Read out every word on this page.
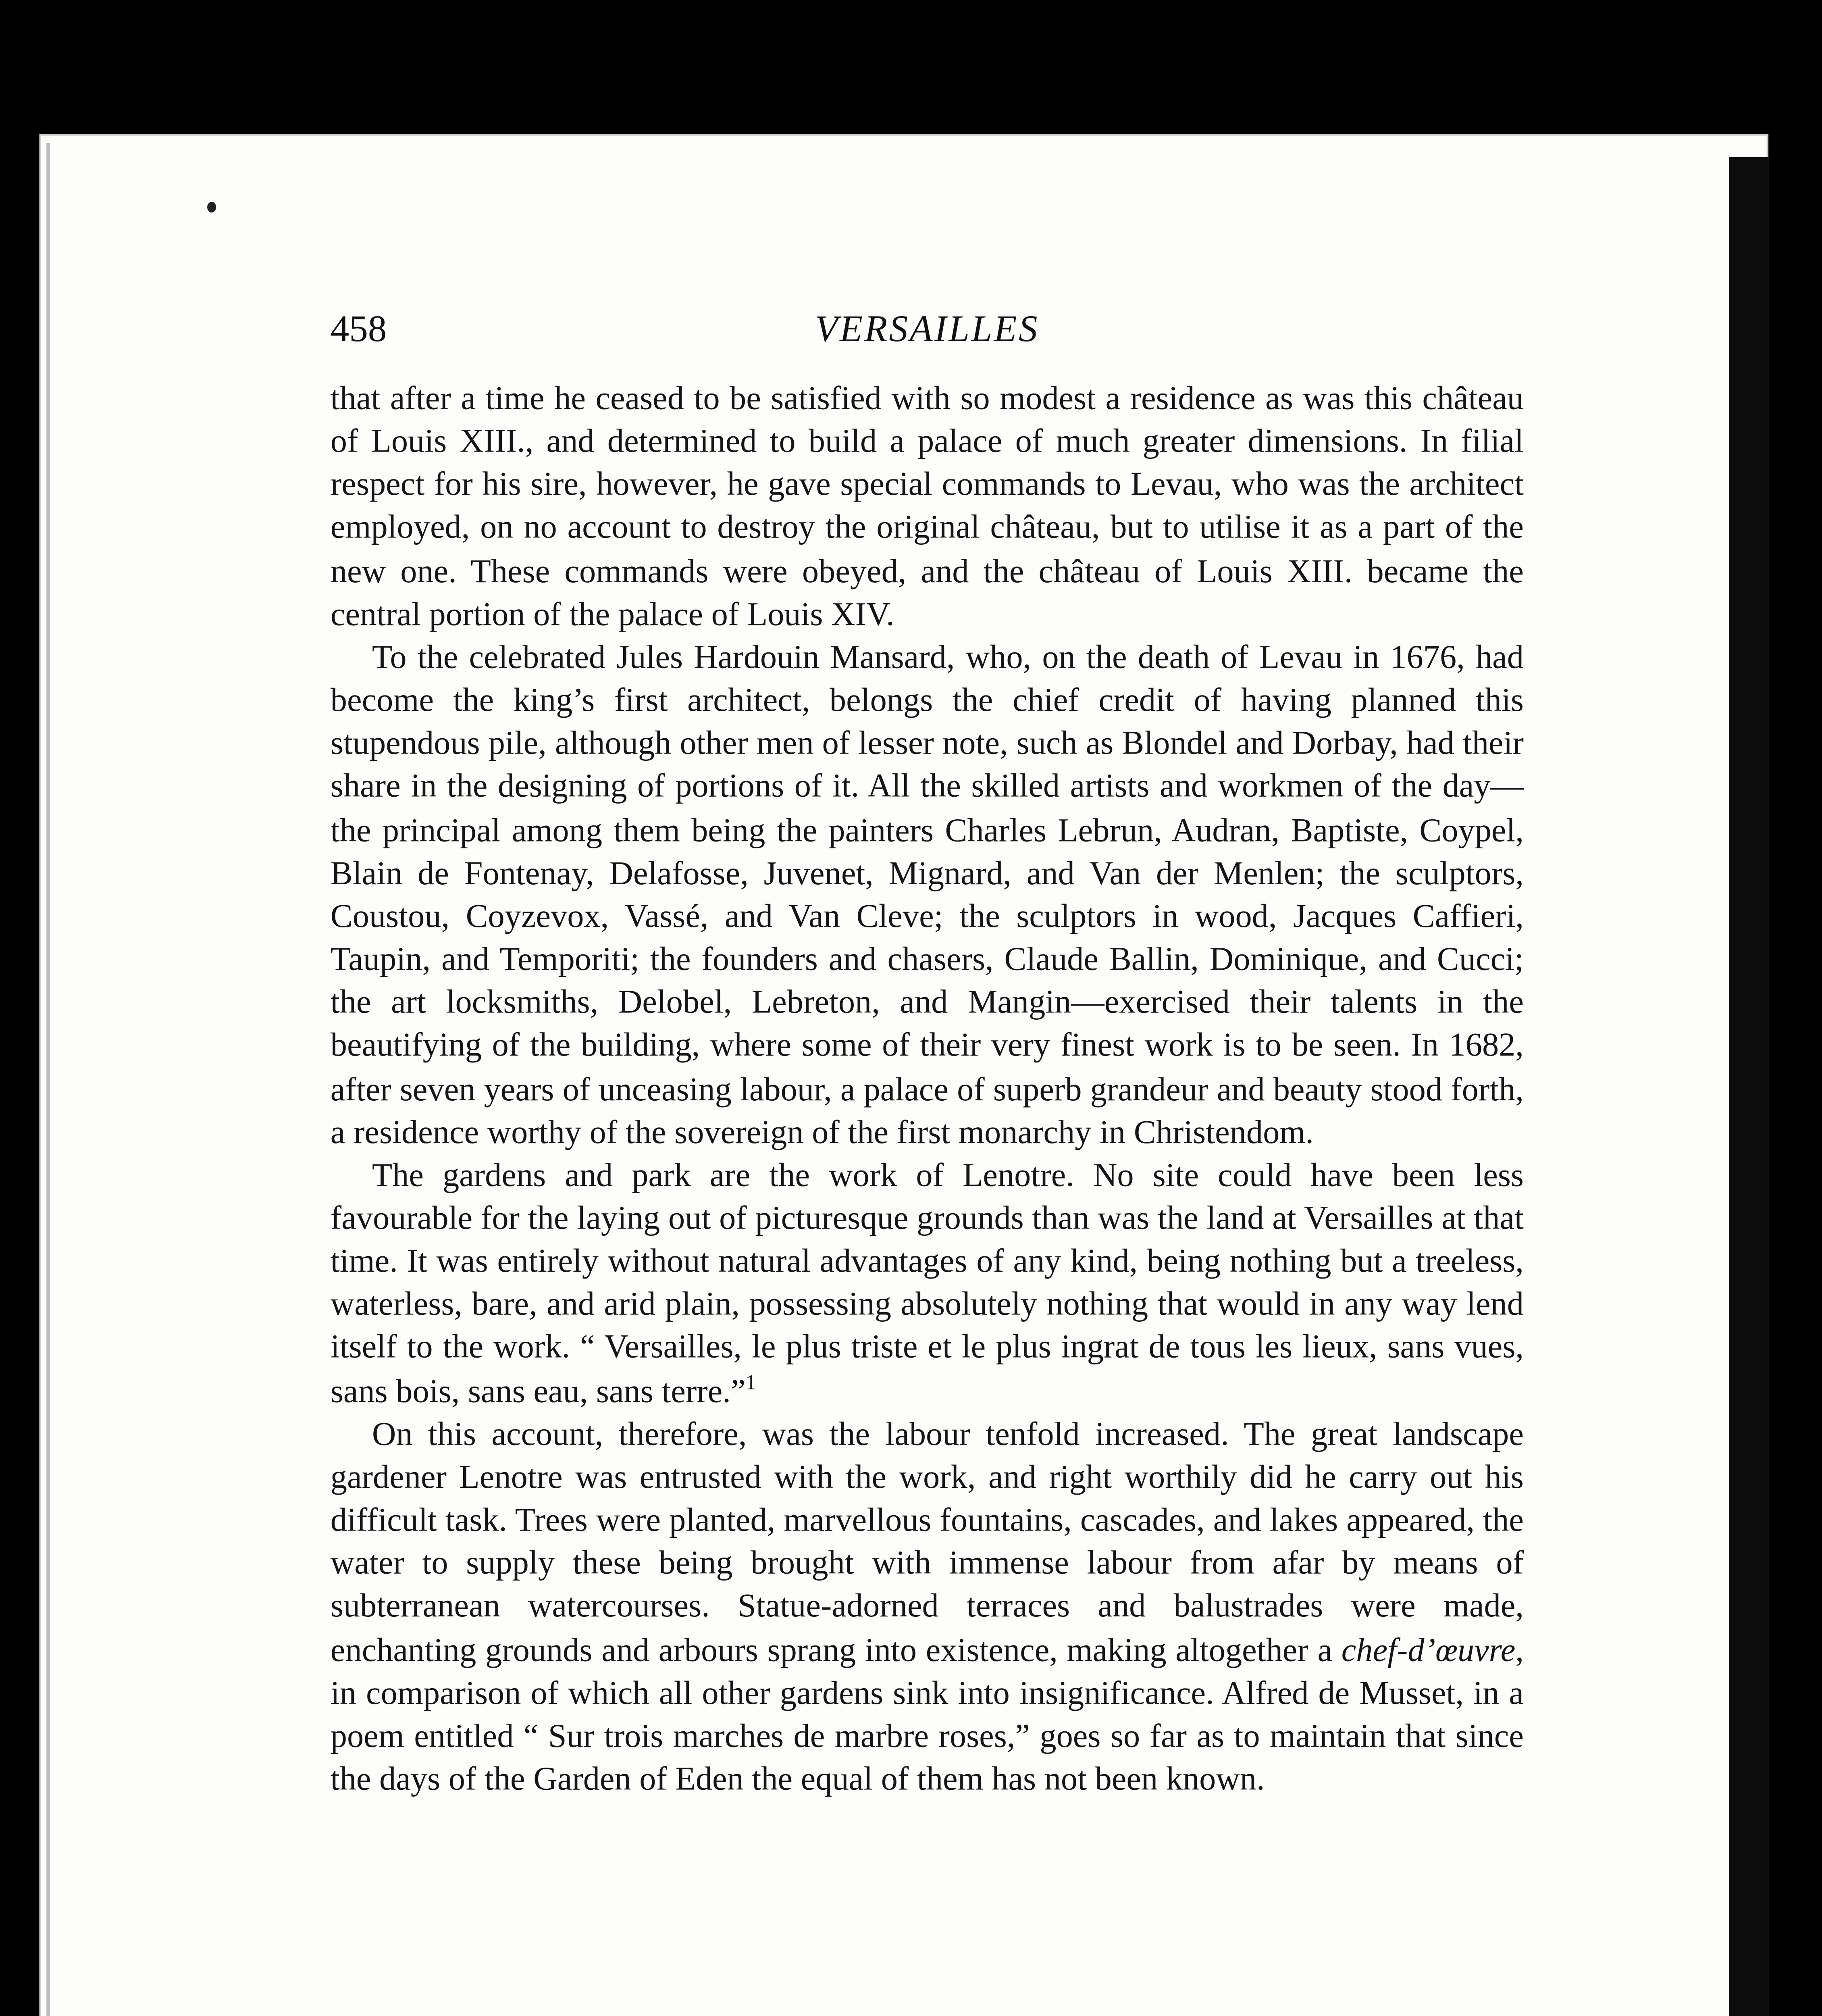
458	VERSAILLES

that after a time he ceased to be satisfied with so modest a residence as was this château of Louis XIII., and determined to build a palace of much greater dimensions. In filial respect for his sire, however, he gave special commands to Levau, who was the architect employed, on no account to destroy the original château, but to utilise it as a part of the new one. These commands were obeyed, and the château of Louis XIII. became the central portion of the palace of Louis XIV.

To the celebrated Jules Hardouin Mansard, who, on the death of Levau in 1676, had become the king’s first architect, belongs the chief credit of having planned this stupendous pile, although other men of lesser note, such as Blondel and Dorbay, had their share in the designing of portions of it. All the skilled artists and workmen of the day—the principal among them being the painters Charles Lebrun, Audran, Baptiste, Coypel, Blain de Fontenay, Delafosse, Juvenet, Mignard, and Van der Menlen; the sculptors, Coustou, Coyzevox, Vassé, and Van Cleve; the sculptors in wood, Jacques Caffieri, Taupin, and Temporiti; the founders and chasers, Claude Ballin, Dominique, and Cucci; the art locksmiths, Delobel, Lebreton, and Mangin—exercised their talents in the beautifying of the building, where some of their very finest work is to be seen. In 1682, after seven years of unceasing labour, a palace of superb grandeur and beauty stood forth, a residence worthy of the sovereign of the first monarchy in Christendom.

The gardens and park are the work of Lenotre. No site could have been less favourable for the laying out of picturesque grounds than was the land at Versailles at that time. It was entirely without natural advantages of any kind, being nothing but a treeless, waterless, bare, and arid plain, possessing absolutely nothing that would in any way lend itself to the work. “ Versailles, le plus triste et le plus ingrat de tous les lieux, sans vues, sans bois, sans eau, sans terre.”$^1$

On this account, therefore, was the labour tenfold increased. The great landscape gardener Lenotre was entrusted with the work, and right worthily did he carry out his difficult task. Trees were planted, marvellous fountains, cascades, and lakes appeared, the water to supply these being brought with immense labour from afar by means of subterranean watercourses. Statue-adorned terraces and balustrades were made, enchanting grounds and arbours sprang into existence, making altogether a chef-d’œuvre, in comparison of which all other gardens sink into insignificance. Alfred de Musset, in a poem entitled “ Sur trois marches de marbre roses,” goes so far as to maintain that since the days of the Garden of Eden the equal of them has not been known.
